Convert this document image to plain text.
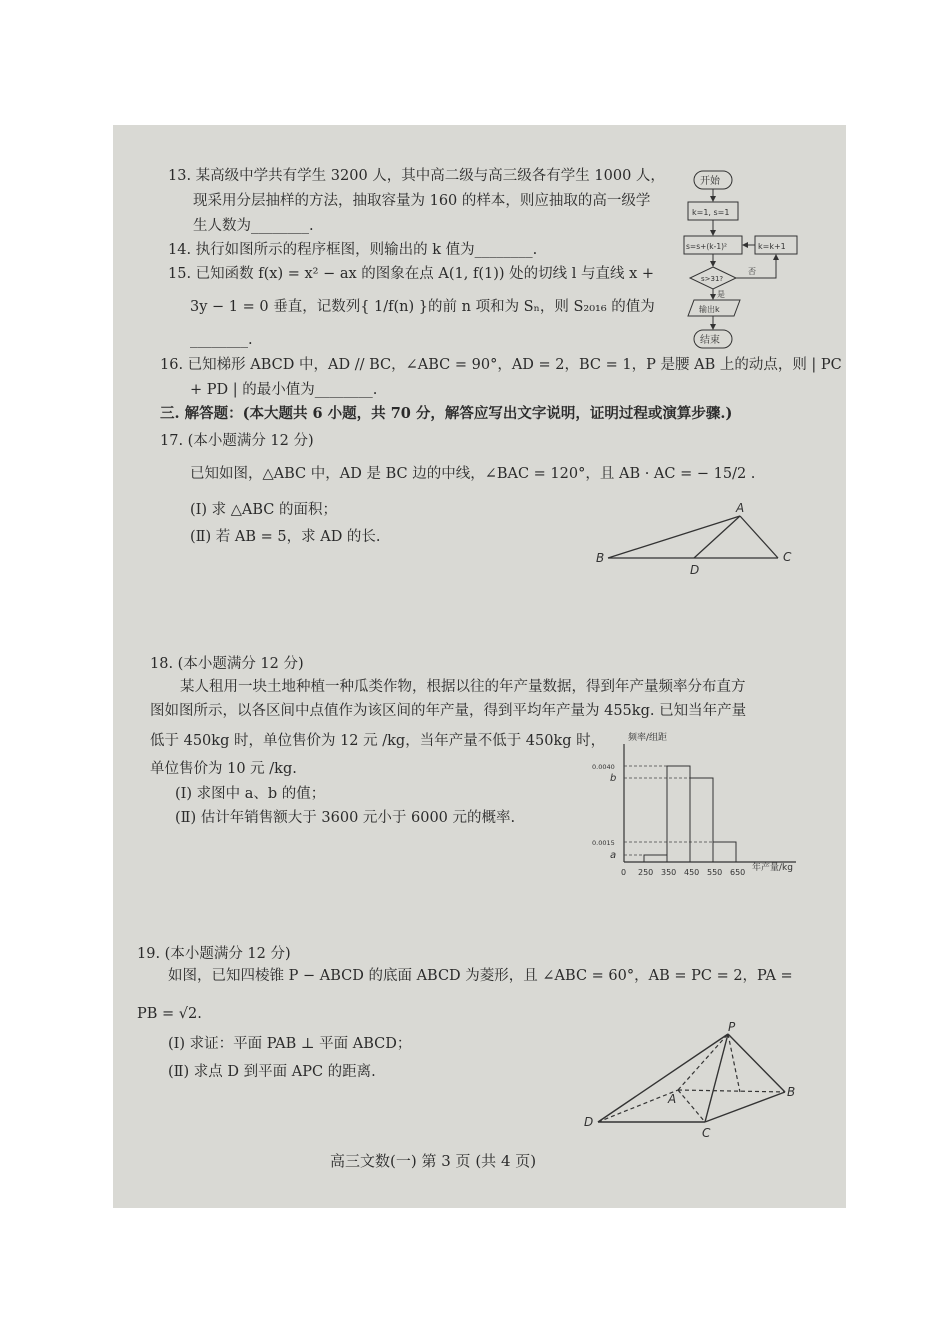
13. 某高级中学共有学生 3200 人，其中高二级与高三级各有学生 1000 人，
现采用分层抽样的方法，抽取容量为 160 的样本，则应抽取的高一级学
生人数为________.
14. 执行如图所示的程序框图，则输出的 k 值为________.
15. 已知函数 f(x) = x² − ax 的图象在点 A(1, f(1)) 处的切线 l 与直线 x +
3y − 1 = 0 垂直，记数列{ 1/f(n) }的前 n 项和为 Sₙ，则 S₂₀₁₆ 的值为
________.
16. 已知梯形 ABCD 中，AD // BC，∠ABC = 90°，AD = 2，BC = 1，P 是腰 AB 上的动点，则 | PC
+ PD | 的最小值为________.
三. 解答题：(本大题共 6 小题，共 70 分，解答应写出文字说明，证明过程或演算步骤.)
17. (本小题满分 12 分)
已知如图，△ABC 中，AD 是 BC 边的中线，∠BAC = 120°，且 AB · AC = − 15/2 .
(Ⅰ) 求 △ABC 的面积；
(Ⅱ) 若 AB = 5，求 AD 的长.
A
B	C
D
18. (本小题满分 12 分)
某人租用一块土地种植一种瓜类作物，根据以往的年产量数据，得到年产量频率分布直方
图如图所示，以各区间中点值作为该区间的年产量，得到平均年产量为 455kg. 已知当年产量
低于 450kg 时，单位售价为 12 元 /kg，当年产量不低于 450kg 时，
单位售价为 10 元 /kg.
(Ⅰ) 求图中 a、b 的值；
(Ⅱ) 估计年销售额大于 3600 元小于 6000 元的概率.
频率/组距
年产量/kg
0.0040
b
0.0015
a
0 250 350 450 550 650
开始
k=1, s=1
s=s+(k-1)²	k=k+1
s>31?
否
是
输出k
结束
19. (本小题满分 12 分)
如图，已知四棱锥 P − ABCD 的底面 ABCD 为菱形，且 ∠ABC = 60°，AB = PC = 2，PA =
PB = √2.
(Ⅰ) 求证：平面 PAB ⊥ 平面 ABCD；
(Ⅱ) 求点 D 到平面 APC 的距离.
P
A	B
C
D
高三文数(一) 第 3 页 (共 4 页)
